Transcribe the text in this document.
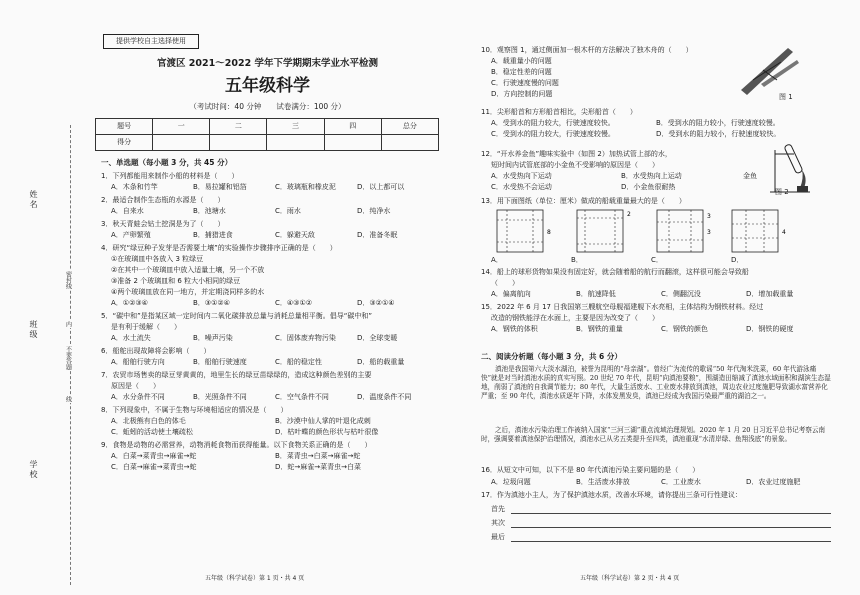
姓名
班级
学校
密封线
内
不要答题
线
提供学校自主选择使用
官渡区 2021～2022 学年下学期期末学业水平检测
五年级科学
（考试时间：40 分钟　　试卷满分：100 分）
题号	一	二	三	四	总分
得分					
一、单选题（每小题 3 分，共 45 分）
1．下列都能用来制作小船的材料是（　　）
A．木条和竹竿	B．易拉罐和铝箔	C．玻璃瓶和橡皮泥	D．以上都可以
2．最适合制作生态瓶的水源是（　　）
A．自来水	B．池塘水	C．雨水	D．纯净水
3．秋天青蛙会钻土挖洞是为了（　　）
A．产卵繁殖	B．捕猎进食	C．躲避天敌	D．准备冬眠
4．研究“绿豆种子发芽是否需要土壤”的实验操作步骤排序正确的是（　　）
①在玻璃皿中各放入 3 粒绿豆
②在其中一个玻璃皿中放入适量土壤，另一个不放
③准备 2 个玻璃皿和 6 粒大小相同的绿豆
④两个玻璃皿放在同一地方，并定期浇同样多的水
A．①②③④	B．③①②④	C．④③①②	D．③②①④
5．“碳中和”是指某区域一定时间内二氧化碳排放总量与消耗总量相平衡。倡导“碳中和”
是有利于缓解（　　）
A．水土流失	B．噪声污染	C．固体废弃物污染	D．全球变暖
6．船舵出现故障将会影响（　　）
A．船舶行驶方向	B．船舶行驶速度	C．船的稳定性	D．船的载重量
7．农贸市场售卖的绿豆芽黄黄的，地里生长的绿豆苗绿绿的，造成这种颜色差别的主要
原因是（　　）
A．水分条件不同	B．光照条件不同	C．空气条件不同	D．温度条件不同
8．下列现象中，不属于生物与环境相适应的情况是（　　）
A．北极熊有白色的体毛	B．沙漠中仙人掌的叶退化成刺
C．蚯蚓的活动使土壤疏松	D．枯叶蝶的颜色形状与枯叶很像
9．食物是动物的必需营养，动物消耗食物而获得能量。以下食物关系正确的是（　　）
A．白菜→菜青虫→麻雀→蛇	B．菜青虫→白菜→麻雀→蛇
C．白菜→麻雀→菜青虫→蛇	D．蛇→麻雀→菜青虫→白菜
五年级（科学试卷）第 1 页・共 4 页
10．观察图 1，通过侧面加一根木杆的方法解决了独木舟的（　　）
A．载重量小的问题
B．稳定性差的问题
C．行驶速度慢的问题
D．方向控制的问题
11．尖形船首和方形船首相比，尖形船首（　　）
A．受到水的阻力较大，行驶速度较快。	B．受到水的阻力较小，行驶速度较慢。
C．受到水的阻力较大，行驶速度较慢。	D．受到水的阻力较小，行驶速度较快。
12．“开水养金鱼”趣味实验中（如图 2）加热试管上部的水，
短时间内试管底部的小金鱼不受影响的原因是（　　）
A．水受热向下运动	B．水受热向上运动
C．水受热不会运动	D．小金鱼很耐热
13．用下面图纸（单位：厘米）做成的船载重量最大的是（　　）
A．	B．	C．	D．
14．船上的球形货物如果没有固定好，就会随着船的航行而翻滚，这样很可能会导致船
（　　）
A．偏离航向	B．航速降低	C．侧翻沉没	D．增加载重量
15．2022 年 6 月 17 日我国第三艘航空母舰福建舰下水亮相，主体结构为钢铁材料。经过
改造的钢铁能浮在水面上，主要是因为改变了（　　）
A．钢铁的体积	B．钢铁的重量	C．钢铁的颜色	D．钢铁的硬度
图 1
图 2
金鱼
8
2	3
3	4
二、阅读分析题（每小题 3 分，共 6 分）
滇池是我国第六大淡水湖泊，被誉为昆明的“母亲湖”。曾经广为流传的歌谣“50 年代淘米洗菜，60 年代游泳痛快”就是对当时滇池水质的真实写照。20 世纪 70 年代，昆明“向滇池要粮”，围湖造田缩减了滇池水域面积和湖滨生态湿地，削弱了滇池的自我调节能力；80 年代，大量生活废水、工业废水排放到滇池，周边农业过度施肥导致湖水富营养化严重；至 90 年代，滇池水质逐年下降，水体发黑发臭，滇池已经成为我国污染最严重的湖泊之一。
之后，滇池水污染治理工作被纳入国家“三河三湖”重点流域治理规划。2020 年 1 月 20 日习近平总书记考察云南时，强调要着滇池保护治理情况，滇池水已从劣五类提升至四类，滇池重现“水清岸绿、鱼翔浅底”的景象。
16．从短文中可知，以下不是 80 年代滇池污染主要问题的是（　　）
A．垃圾问题	B．生活废水排放	C．工业废水	D．农业过度施肥
17．作为滇池小主人，为了保护滇池水质，改善水环境，请你提出三条可行性建议：
首先
其次
最后
五年级（科学试卷）第 2 页・共 4 页
